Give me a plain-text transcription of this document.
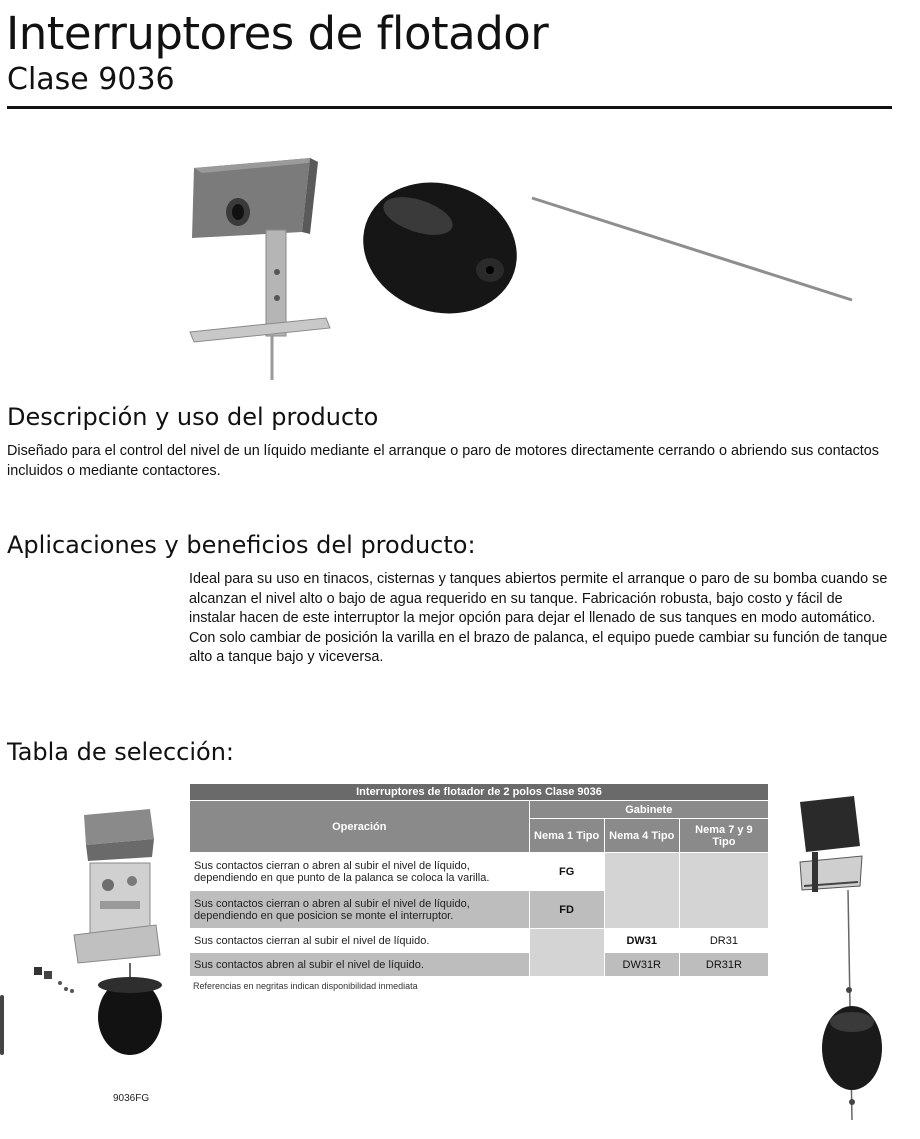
Interruptores de flotador
Clase 9036
Descripción y uso del producto
Diseñado para el control del nivel de un líquido mediante el arranque o paro de motores directamente cerrando o abriendo sus contactos incluidos o mediante contactores.
Aplicaciones y beneficios del producto:
Ideal para su uso en tinacos, cisternas y tanques abiertos permite el arranque o paro de su bomba cuando se alcanzan el nivel alto o bajo de agua requerido en su tanque. Fabricación robusta, bajo costo y fácil de instalar hacen de este interruptor la mejor opción para dejar el llenado de sus tanques en modo automático. Con solo cambiar de posición la varilla en el brazo de palanca, el equipo puede cambiar su función de tanque alto a tanque bajo y viceversa.
Tabla de selección:
9036FG
Interruptores de flotador de 2 polos Clase 9036			
Operación	Gabinete		
	Nema 1 Tipo	Nema 4 Tipo	Nema 7 y 9 Tipo
Sus contactos cierran o abren al subir el nivel de líquido, dependiendo en que punto de la palanca se coloca la varilla.	FG		
Sus contactos cierran o abren al subir el nivel de líquido, dependiendo en que posicion se monte el interruptor.	FD		
Sus contactos cierran al subir el nivel de líquido.		DW31	DR31
Sus contactos abren al subir el nivel de líquido.		DW31R	DR31R
Referencias en negritas indican disponibilidad inmediata
